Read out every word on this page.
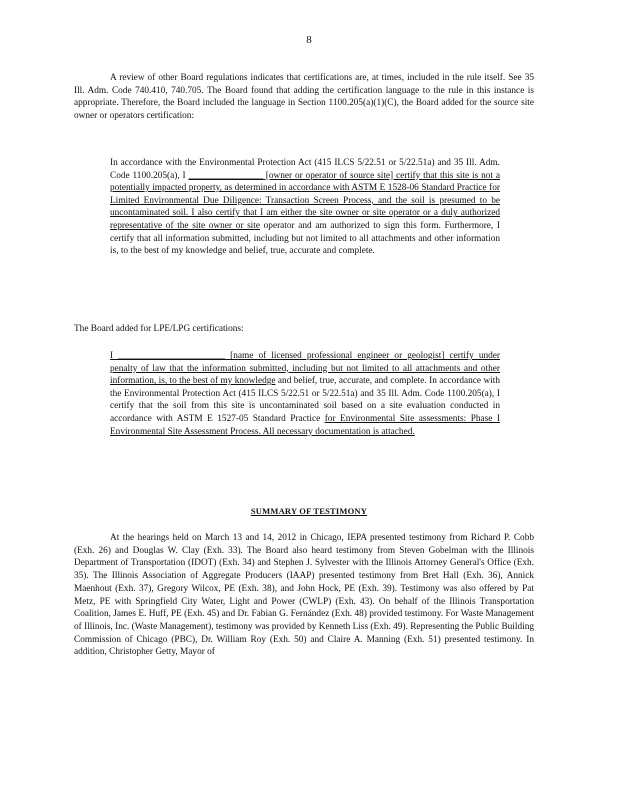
8

A review of other Board regulations indicates that certifications are, at times, included in the rule itself. See 35 Ill. Adm. Code 740.410, 740.705. The Board found that adding the certification language to the rule in this instance is appropriate. Therefore, the Board included the language in Section 1100.205(a)(1)(C), the Board added for the source site owner or operators certification:

In accordance with the Environmental Protection Act (415 ILCS 5/22.51 or 5/22.51a) and 35 Ill. Adm. Code 1100.205(a), I ________________ [owner or operator of source site] certify that this site is not a potentially impacted property, as determined in accordance with ASTM E 1528-06 Standard Practice for Limited Environmental Due Diligence: Transaction Screen Process, and the soil is presumed to be uncontaminated soil. I also certify that I am either the site owner or site operator or a duly authorized representative of the site owner or site operator and am authorized to sign this form. Furthermore, I certify that all information submitted, including but not limited to all attachments and other information is, to the best of my knowledge and belief, true, accurate and complete.

The Board added for LPE/LPG certifications:

I _______________________ [name of licensed professional engineer or geologist] certify under penalty of law that the information submitted, including but not limited to all attachments and other information, is, to the best of my knowledge and belief, true, accurate, and complete. In accordance with the Environmental Protection Act (415 ILCS 5/22.51 or 5/22.51a) and 35 Ill. Adm. Code 1100.205(a), I certify that the soil from this site is uncontaminated soil based on a site evaluation conducted in accordance with ASTM E 1527-05 Standard Practice for Environmental Site assessments: Phase I Environmental Site Assessment Process. All necessary documentation is attached.

SUMMARY OF TESTIMONY

At the hearings held on March 13 and 14, 2012 in Chicago, IEPA presented testimony from Richard P. Cobb (Exh. 26) and Douglas W. Clay (Exh. 33). The Board also heard testimony from Steven Gobelman with the Illinois Department of Transportation (IDOT) (Exh. 34) and Stephen J. Sylvester with the Illinois Attorney General's Office (Exh. 35). The Illinois Association of Aggregate Producers (IAAP) presented testimony from Bret Hall (Exh. 36), Annick Maenhout (Exh. 37), Gregory Wilcox, PE (Exh. 38), and John Hock, PE (Exh. 39). Testimony was also offered by Pat Metz, PE with Springfield City Water, Light and Power (CWLP) (Exh. 43). On behalf of the Illinois Transportation Coalition, James E. Huff, PE (Exh. 45) and Dr. Fabian G. Fernández (Exh. 48) provided testimony. For Waste Management of Illinois, Inc. (Waste Management), testimony was provided by Kenneth Liss (Exh. 49). Representing the Public Building Commission of Chicago (PBC), Dr. William Roy (Exh. 50) and Claire A. Manning (Exh. 51) presented testimony. In addition, Christopher Getty, Mayor of
